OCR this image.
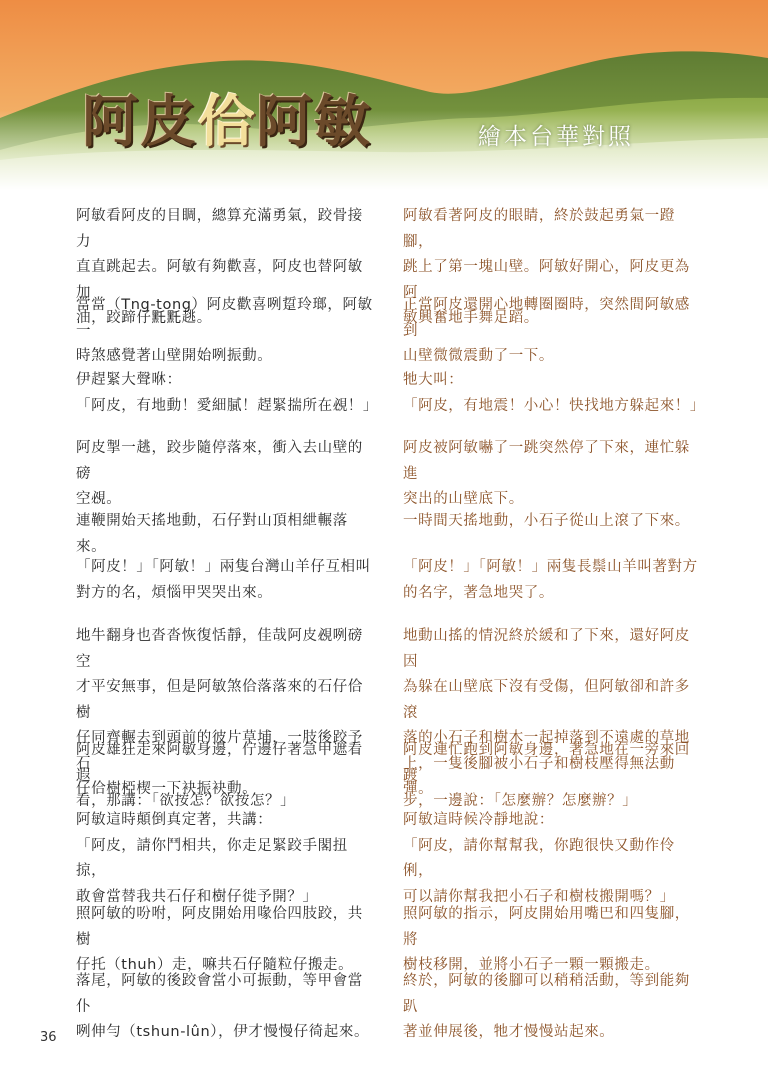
阿皮佮阿敏	繪本台華對照
阿敏看阿皮的目睭，總算充滿勇氣，跤骨接力
直直跳起去。阿敏有夠歡喜，阿皮也替阿敏加
油，跤蹄仔𪐞𪐞趒。
當當（Tng-tong）阿皮歡喜咧踅玲瑯，阿敏一
時煞感覺著山壁開始咧振動。
伊趕緊大聲咻：
「阿皮，有地動！愛細膩！趕緊揣所在覕！」
阿皮掣一趒，跤步隨停落來，衝入去山壁的磅
空覕。
連鞭開始天搖地動，石仔對山頂相紲輾落來。
「阿皮！」「阿敏！」兩隻台灣山羊仔互相叫
對方的名，煩惱甲哭哭出來。
地牛翻身也沓沓恢復恬靜，佳哉阿皮覕咧磅空
才平安無事，但是阿敏煞佮落落來的石仔佮樹
仔同齊輾去到頭前的彼片草埔，一肢後跤予石
仔佮樹椏楔一下袂振袂動。
阿皮雄狂走來阿敏身邊，佇邊仔著急甲遮看遐
看，那講：「欲按怎？欲按怎？」
阿敏這時顛倒真定著，共講：
「阿皮，請你鬥相共，你走足緊跤手閣扭掠，
敢會當替我共石仔和樹仔徙予開？」
照阿敏的吩咐，阿皮開始用喙佮四肢跤，共樹
仔托（thuh）走，嘛共石仔隨粒仔搬走。
落尾，阿敏的後跤會當小可振動，等甲會當仆
咧伸勻（tshun-lûn），伊才慢慢仔徛起來。
阿敏看著阿皮的眼睛，終於鼓起勇氣一蹬腳，
跳上了第一塊山壁。阿敏好開心，阿皮更為阿
敏興奮地手舞足蹈。
正當阿皮還開心地轉圈圈時，突然間阿敏感到
山壁微微震動了一下。
牠大叫：
「阿皮，有地震！小心！快找地方躲起來！」
阿皮被阿敏嚇了一跳突然停了下來，連忙躲進
突出的山壁底下。
一時間天搖地動，小石子從山上滾了下來。
「阿皮！」「阿敏！」兩隻長鬃山羊叫著對方
的名字，著急地哭了。
地動山搖的情況終於緩和了下來，還好阿皮因
為躲在山壁底下沒有受傷，但阿敏卻和許多滾
落的小石子和樹木一起掉落到不遠處的草地
上，一隻後腳被小石子和樹枝壓得無法動彈。
阿皮連忙跑到阿敏身邊，著急地在一旁來回踱
步，一邊說：「怎麼辦？怎麼辦？」
阿敏這時候冷靜地說：
「阿皮，請你幫幫我，你跑很快又動作伶俐，
可以請你幫我把小石子和樹枝搬開嗎？」
照阿敏的指示，阿皮開始用嘴巴和四隻腳，將
樹枝移開，並將小石子一顆一顆搬走。
終於，阿敏的後腳可以稍稍活動，等到能夠趴
著並伸展後，牠才慢慢站起來。
36
